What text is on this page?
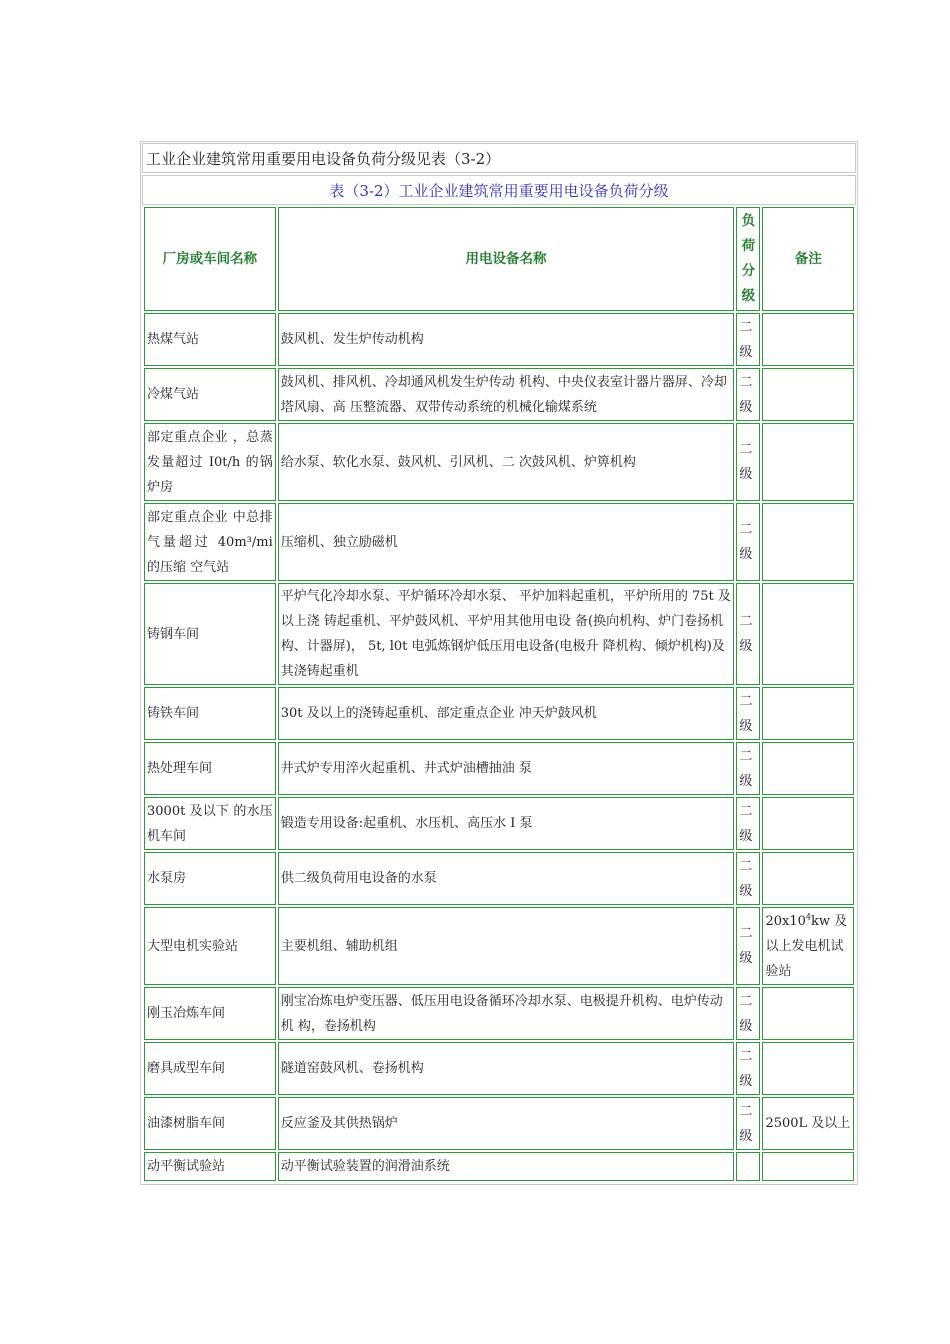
工业企业建筑常用重要用电设备负荷分级见表（3-2）
表（3-2）工业企业建筑常用重要用电设备负荷分级
厂房或车间名称	用电设备名称	负荷分级	备注
热煤气站	鼓风机、发生炉传动机构	二级	
冷煤气站	鼓风机、排风机、冷却通风机发生炉传动 机构、中央仪表室计器片器屏、冷却塔风扇、高 压整流器、双带传动系统的机械化输煤系统	二级	
部定重点企业 ，总蒸发量超过 I0t/h 的锅炉房	给水泵、软化水泵、鼓风机、引风机、二 次鼓风机、炉箅机构	二级	
部定重点企业 中总排气量超过 40m³/mi 的压缩 空气站	压缩机、独立励磁机	二级	
铸钢车间	平炉气化冷却水泵、平炉循环冷却水泵、 平炉加料起重机，平炉所用的 75t 及以上浇 铸起重机、平炉鼓风机、平炉用其他用电设 备(换向机构、炉门卷扬机构、计器屏)， 5t, l0t 电弧炼钢炉低压用电设备(电极升 降机构、倾炉机构)及其浇铸起重机	二级	
铸铁车间	30t 及以上的浇铸起重机、部定重点企业 冲天炉鼓风机	二级	
热处理车间	井式炉专用淬火起重机、井式炉油槽抽油 泵	二级	
3000t 及以下 的水压机车间	锻造专用设备:起重机、水压机、高压水 I 泵	二级	
水泵房	供二级负荷用电设备的水泵	二级	
大型电机实验站	主要机组、辅助机组	二级	$20x10^4kw$ 及以上发电机试验站
刚玉冶炼车间	刚宝冶炼电炉变压器、低压用电设备循环冷却水泵、电极提升机构、电炉传动机 构，卷扬机构	二级	
磨具成型车间	隧道窑鼓风机、卷扬机构	二级	
油漆树脂车间	反应釜及其供热锅炉	二级	2500L 及以上
动平衡试验站	动平衡试验装置的润滑油系统		
